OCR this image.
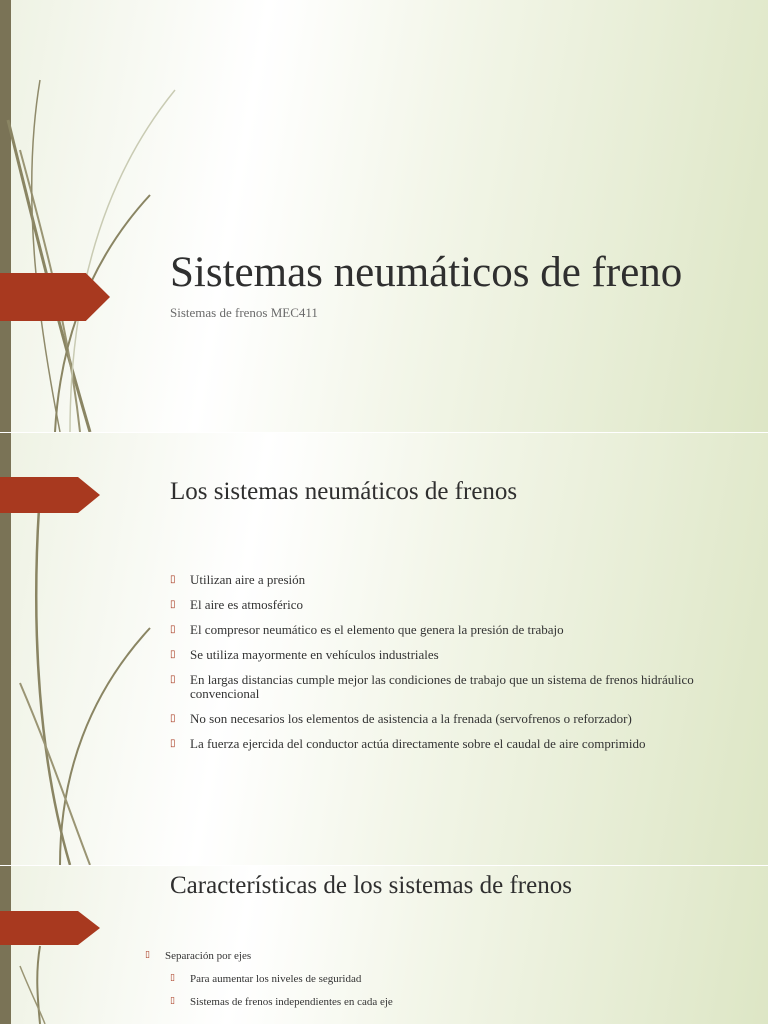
Sistemas neumáticos de freno
Sistemas de frenos MEC411
Los sistemas neumáticos de frenos
▯ Utilizan aire a presión
▯ El aire es atmosférico
▯ El compresor neumático es el elemento que genera la presión de trabajo
▯ Se utiliza mayormente en vehículos industriales
▯ En largas distancias cumple mejor las condiciones de trabajo que un sistema de frenos hidráulico convencional
▯ No son necesarios los elementos de asistencia a la frenada (servofrenos o reforzador)
▯ La fuerza ejercida del conductor actúa directamente sobre el caudal de aire comprimido
Características de los sistemas de frenos
▯ Separación por ejes
▯ Para aumentar los niveles de seguridad
▯ Sistemas de frenos independientes en cada eje
